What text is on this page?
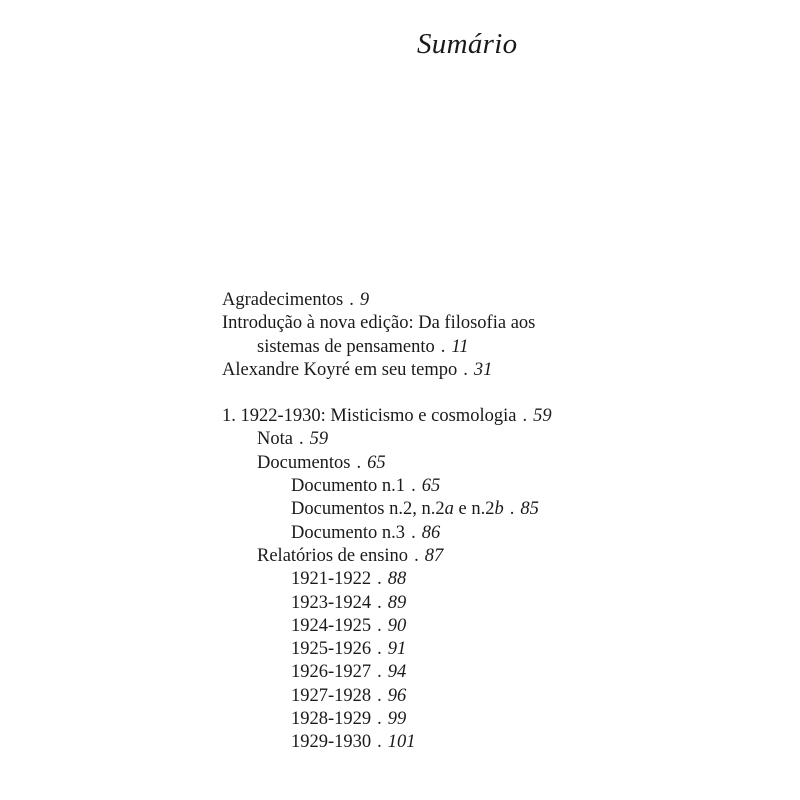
Sumário
Agradecimentos . 9
Introdução à nova edição: Da filosofia aos
sistemas de pensamento . 11
Alexandre Koyré em seu tempo . 31
1. 1922-1930: Misticismo e cosmologia . 59
Nota . 59
Documentos . 65
Documento n.1 . 65
Documentos n.2, n.2a e n.2b . 85
Documento n.3 . 86
Relatórios de ensino . 87
1921-1922 . 88
1923-1924 . 89
1924-1925 . 90
1925-1926 . 91
1926-1927 . 94
1927-1928 . 96
1928-1929 . 99
1929-1930 . 101
